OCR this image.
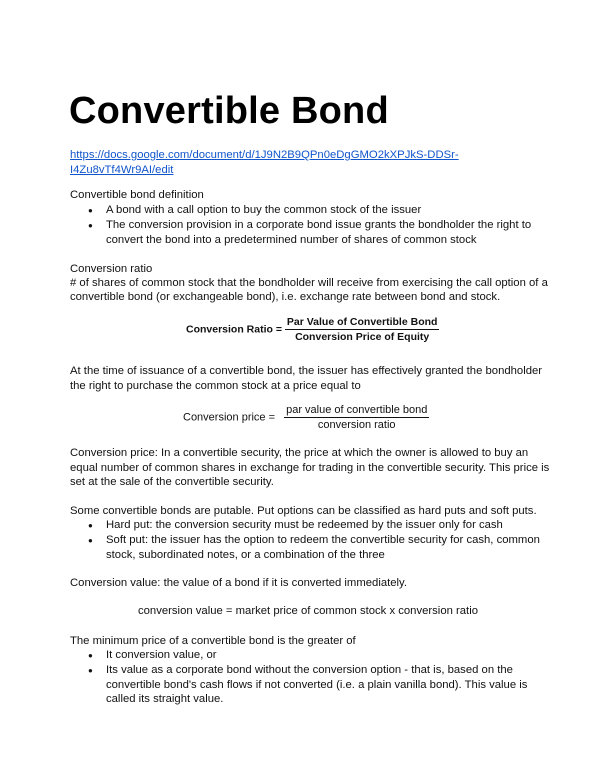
Convertible Bond
https://docs.google.com/document/d/1J9N2B9QPn0eDgGMO2kXPJkS-DDSr-
I4Zu8vTf4Wr9AI/edit
Convertible bond definition
● A bond with a call option to buy the common stock of the issuer
● The conversion provision in a corporate bond issue grants the bondholder the right to
convert the bond into a predetermined number of shares of common stock
Conversion ratio
# of shares of common stock that the bondholder will receive from exercising the call option of a
convertible bond (or exchangeable bond), i.e. exchange rate between bond and stock.
Conversion Ratio = $\frac{\text{Par Value of Convertible Bond}}{\text{Conversion Price of Equity}}$
At the time of issuance of a convertible bond, the issuer has effectively granted the bondholder
the right to purchase the common stock at a price equal to
Conversion price = $\frac{\text{par value of convertible bond}}{\text{conversion ratio}}$
Conversion price: In a convertible security, the price at which the owner is allowed to buy an
equal number of common shares in exchange for trading in the convertible security. This price is
set at the sale of the convertible security.
Some convertible bonds are putable. Put options can be classified as hard puts and soft puts.
● Hard put: the conversion security must be redeemed by the issuer only for cash
● Soft put: the issuer has the option to redeem the convertible security for cash, common
stock, subordinated notes, or a combination of the three
Conversion value: the value of a bond if it is converted immediately.
conversion value = market price of common stock x conversion ratio
The minimum price of a convertible bond is the greater of
● It conversion value, or
● Its value as a corporate bond without the conversion option - that is, based on the
convertible bond's cash flows if not converted (i.e. a plain vanilla bond). This value is
called its straight value.
